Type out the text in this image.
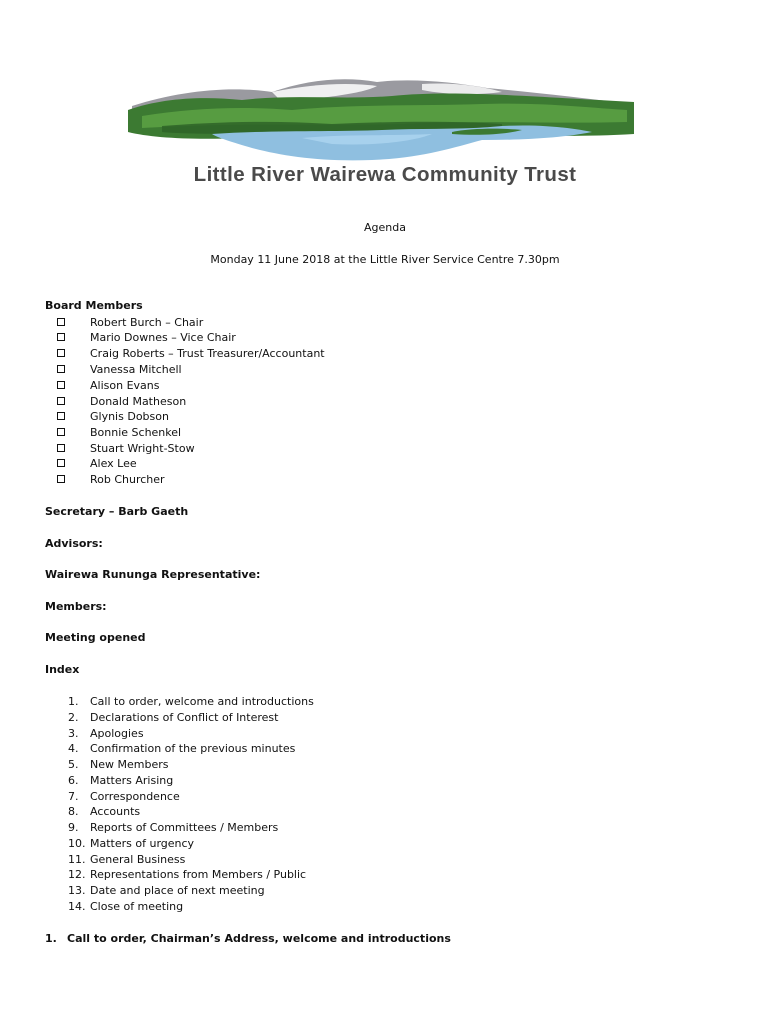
Little River Wairewa Community Trust
Agenda
Monday 11 June 2018 at the Little River Service Centre 7.30pm
Board Members
Robert Burch – Chair
Mario Downes – Vice Chair
Craig Roberts – Trust Treasurer/Accountant
Vanessa Mitchell
Alison Evans
Donald Matheson
Glynis Dobson
Bonnie Schenkel
Stuart Wright-Stow
Alex Lee
Rob Churcher
Secretary – Barb Gaeth
Advisors:
Wairewa Rununga Representative:
Members:
Meeting opened
Index
1. Call to order, welcome and introductions
2. Declarations of Conflict of Interest
3. Apologies
4. Confirmation of the previous minutes
5. New Members
6. Matters Arising
7. Correspondence
8. Accounts
9. Reports of Committees / Members
10. Matters of urgency
11. General Business
12. Representations from Members / Public
13. Date and place of next meeting
14. Close of meeting
1. Call to order, Chairman’s Address, welcome and introductions
